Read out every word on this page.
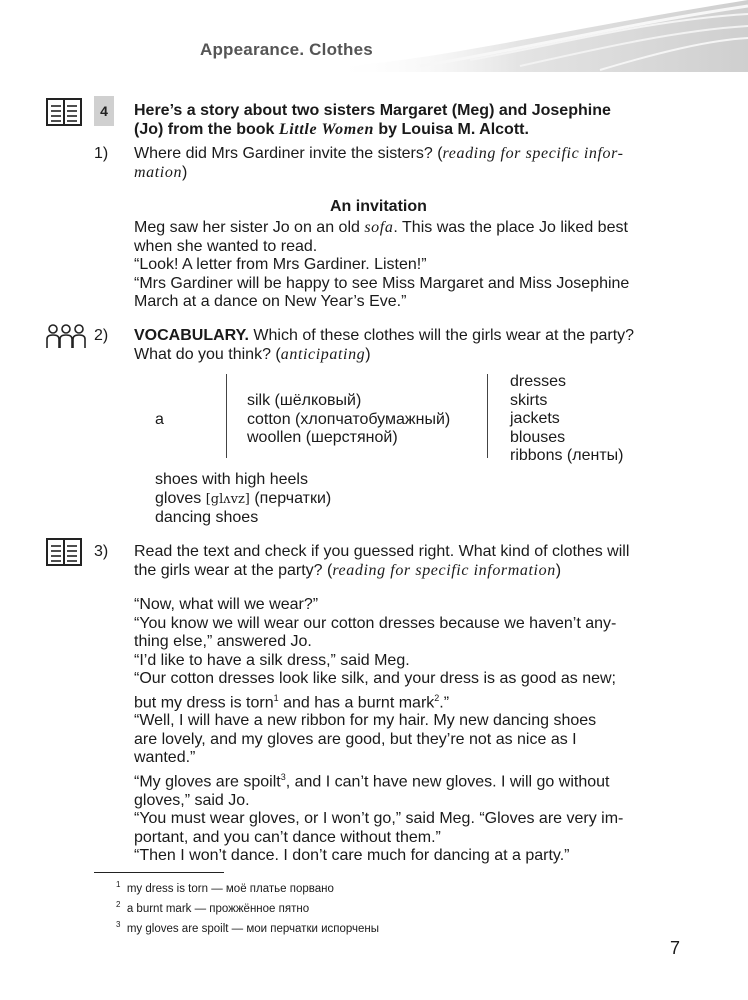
Appearance. Clothes
4	Here’s a story about two sisters Margaret (Meg) and Josephine
(Jo) from the book Little Women by Louisa M. Alcott.
1) Where did Mrs Gardiner invite the sisters? (reading for specific infor-
mation)
An invitation
Meg saw her sister Jo on an old sofa. This was the place Jo liked best
when she wanted to read.
“Look! A letter from Mrs Gardiner. Listen!”
“Mrs Gardiner will be happy to see Miss Margaret and Miss Josephine
March at a dance on New Year’s Eve.”
2) VOCABULARY. Which of these clothes will the girls wear at the party?
What do you think? (anticipating)
a
silk (шёлковый)
cotton (хлопчатобумажный)
woollen (шерстяной)
dresses
skirts
jackets
blouses
ribbons (ленты)
shoes with high heels
gloves [glʌvz] (перчатки)
dancing shoes
3) Read the text and check if you guessed right. What kind of clothes will
the girls wear at the party? (reading for specific information)
“Now, what will we wear?”
“You know we will wear our cotton dresses because we haven’t any-
thing else,” answered Jo.
“I’d like to have a silk dress,” said Meg.
“Our cotton dresses look like silk, and your dress is as good as new;
but my dress is torn$^1$ and has a burnt mark$^2$.”
“Well, I will have a new ribbon for my hair. My new dancing shoes
are lovely, and my gloves are good, but they’re not as nice as I
wanted.”
“My gloves are spoilt$^3$, and I can’t have new gloves. I will go without
gloves,” said Jo.
“You must wear gloves, or I won’t go,” said Meg. “Gloves are very im-
portant, and you can’t dance without them.”
“Then I won’t dance. I don’t care much for dancing at a party.”
$^1$ my dress is torn — моё платье порвано
$^2$ a burnt mark — прожжённое пятно
$^3$ my gloves are spoilt — мои перчатки испорчены
7
